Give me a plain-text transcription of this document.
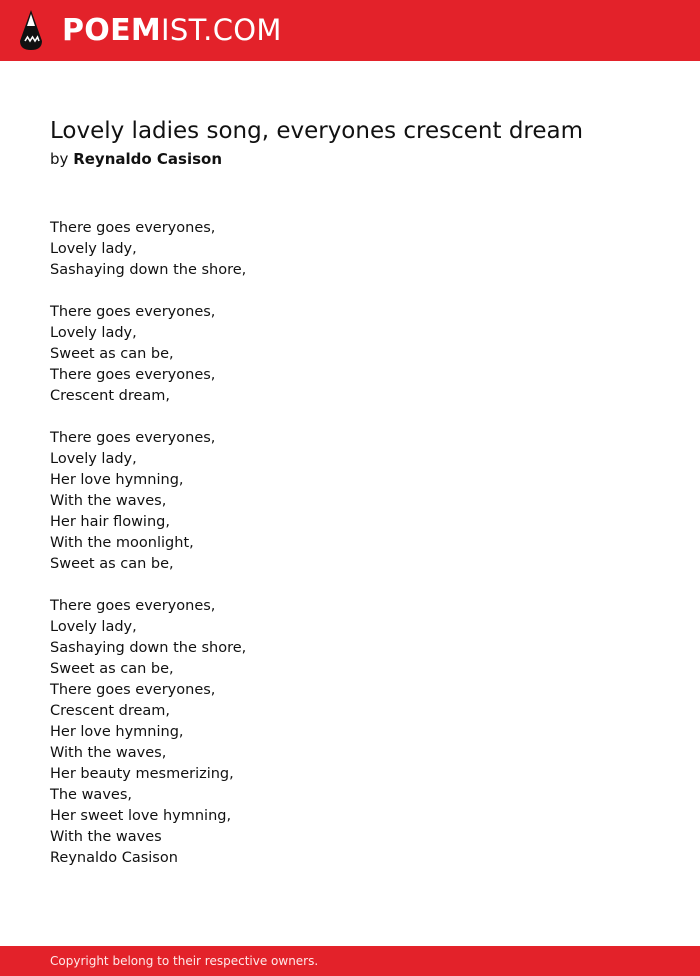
POEMIST.COM
Lovely ladies song, everyones crescent dream
by Reynaldo Casison
There goes everyones,
Lovely lady,
Sashaying down the shore,
There goes everyones,
Lovely lady,
Sweet as can be,
There goes everyones,
Crescent dream,
There goes everyones,
Lovely lady,
Her love hymning,
With the waves,
Her hair flowing,
With the moonlight,
Sweet as can be,
There goes everyones,
Lovely lady,
Sashaying down the shore,
Sweet as can be,
There goes everyones,
Crescent dream,
Her love hymning,
With the waves,
Her beauty mesmerizing,
The waves,
Her sweet love hymning,
With the waves
Reynaldo Casison
Copyright belong to their respective owners.
